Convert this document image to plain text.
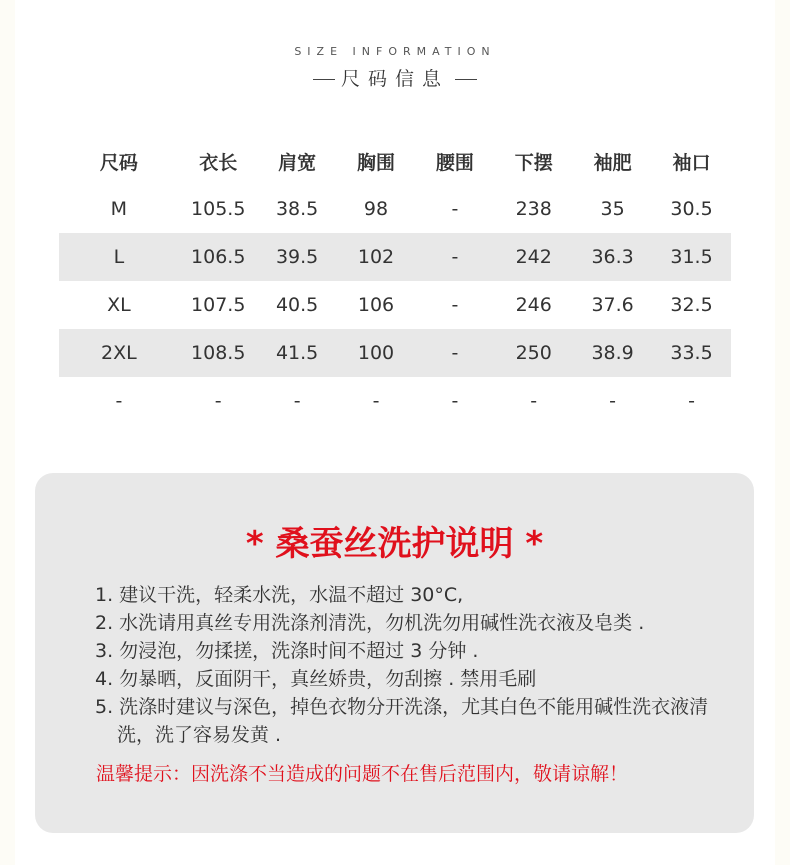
SIZE INFORMATION
尺码信息
尺码	衣长	肩宽	胸围	腰围	下摆	袖肥	袖口
M	105.5	38.5	98	-	238	35	30.5
L	106.5	39.5	102	-	242	36.3	31.5
XL	107.5	40.5	106	-	246	37.6	32.5
2XL	108.5	41.5	100	-	250	38.9	33.5
-	-	-	-	-	-	-	-
* 桑蚕丝洗护说明 *
1. 建议干洗，轻柔水洗，水温不超过 30°C,
2. 水洗请用真丝专用洗涤剂清洗，勿机洗勿用碱性洗衣液及皂类 .
3. 勿浸泡，勿揉搓，洗涤时间不超过 3 分钟 .
4. 勿暴晒，反面阴干，真丝娇贵，勿刮擦 . 禁用毛刷
5. 洗涤时建议与深色，掉色衣物分开洗涤，尤其白色不能用碱性洗衣液清洗，洗了容易发黄 .
温馨提示：因洗涤不当造成的问题不在售后范围内，敬请谅解！
